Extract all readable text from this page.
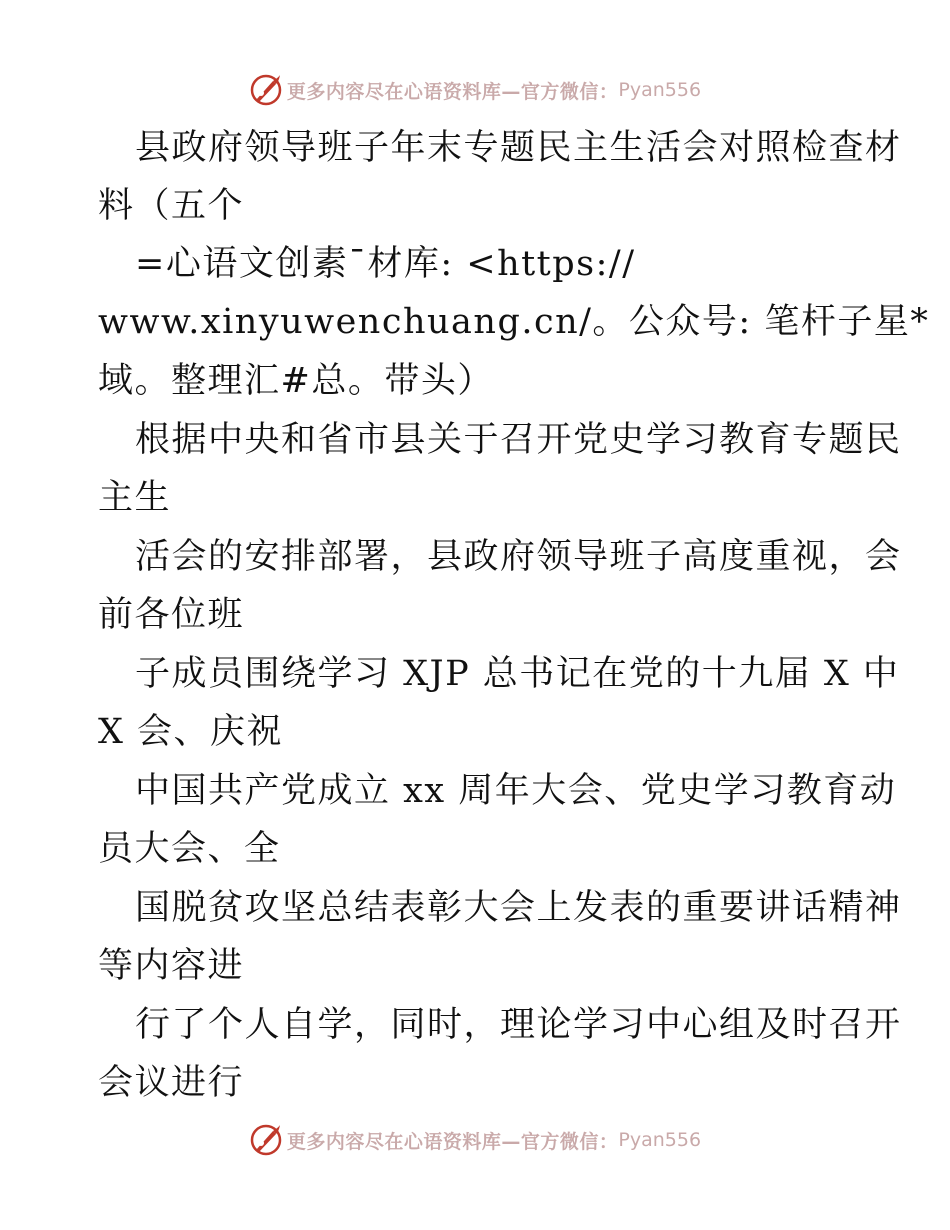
更多内容尽在心语资料库—官方微信： Pyan556
县政府领导班子年末专题民主生活会对照检查材
料（五个
=心语文创素¯材库: <https://
www.xinyuwenchuang.cn/。公众号: 笔杆子星*
域。整理汇#总。带头）
根据中央和省市县关于召开党史学习教育专题民
主生
活会的安排部署，县政府领导班子高度重视，会
前各位班
子成员围绕学习 XJP 总书记在党的十九届 X 中
X 会、庆祝
中国共产党成立 xx 周年大会、党史学习教育动
员大会、全
国脱贫攻坚总结表彰大会上发表的重要讲话精神
等内容进
行了个人自学，同时，理论学习中心组及时召开
会议进行
更多内容尽在心语资料库—官方微信： Pyan556
